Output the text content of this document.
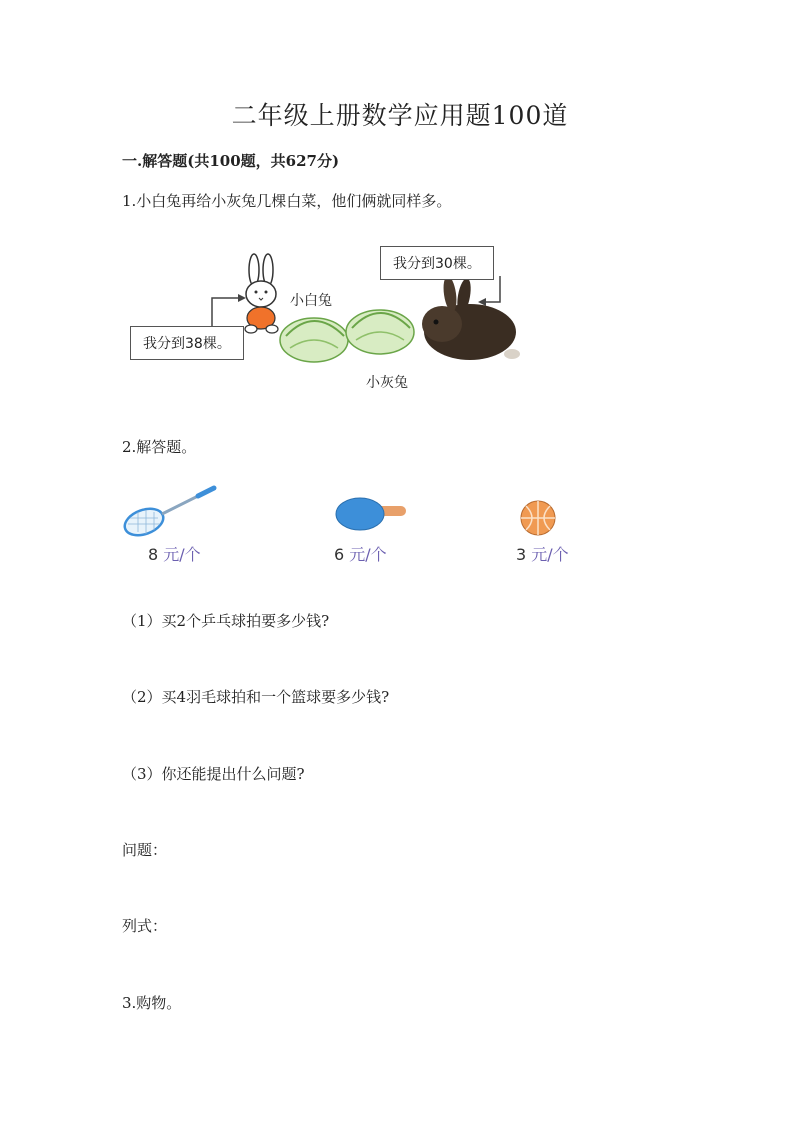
二年级上册数学应用题100道
一.解答题(共100题，共627分)
1.小白兔再给小灰兔几棵白菜，他们俩就同样多。
我分到38棵。
我分到30棵。
小白兔
小灰兔
2.解答题。
8 元/个	6 元/个	3 元/个
（1）买2个乒乓球拍要多少钱?
（2）买4羽毛球拍和一个篮球要多少钱?
（3）你还能提出什么问题?
问题：
列式：
3.购物。
